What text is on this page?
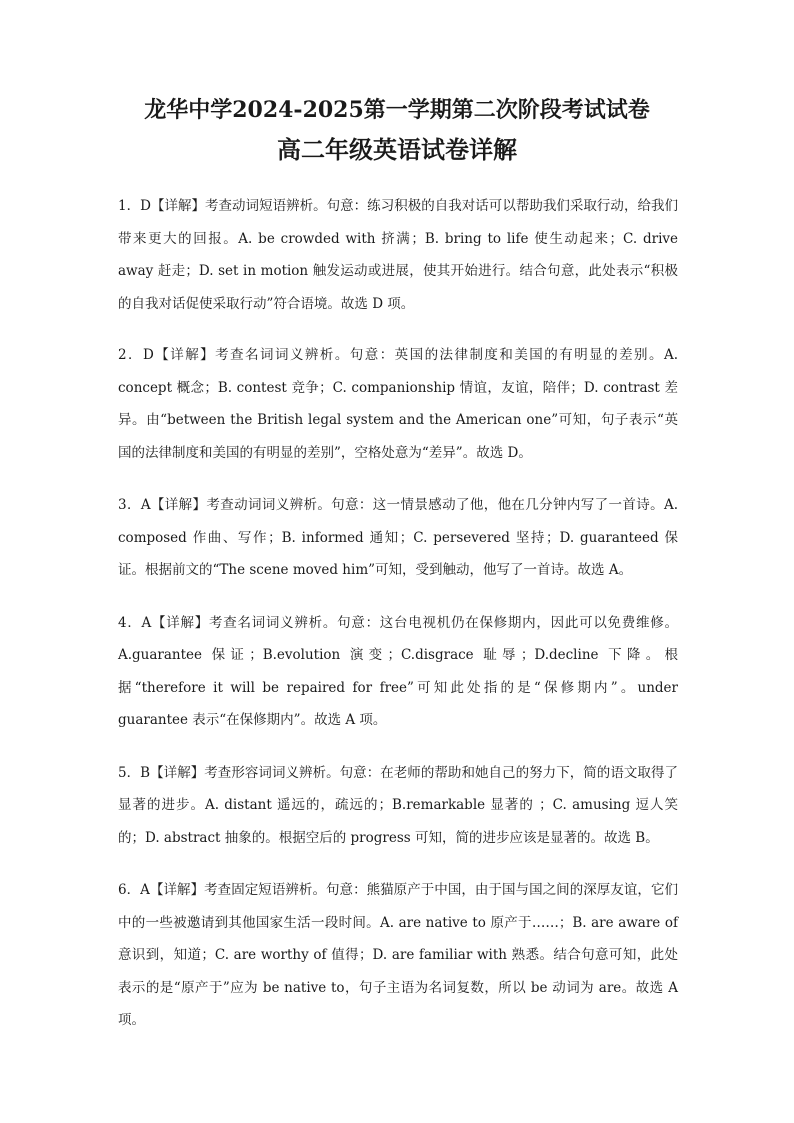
龙华中学2024-2025第一学期第二次阶段考试试卷
高二年级英语试卷详解

1．D【详解】考查动词短语辨析。句意：练习积极的自我对话可以帮助我们采取行动，给我们带来更大的回报。A. be crowded with 挤满；B. bring to life 使生动起来；C. drive away 赶走；D. set in motion 触发运动或进展，使其开始进行。结合句意，此处表示“积极的自我对话促使采取行动”符合语境。故选 D 项。

2．D【详解】考查名词词义辨析。句意：英国的法律制度和美国的有明显的差别。A. concept 概念；B. contest 竞争；C. companionship 情谊，友谊，陪伴；D. contrast 差异。由“between the British legal system and the American one”可知，句子表示“英国的法律制度和美国的有明显的差别”，空格处意为“差异”。故选 D。

3．A【详解】考查动词词义辨析。句意：这一情景感动了他，他在几分钟内写了一首诗。A. composed 作曲、写作；B. informed 通知；C. persevered 坚持；D. guaranteed 保证。根据前文的“The scene moved him”可知，受到触动，他写了一首诗。故选 A。

4．A【详解】考查名词词义辨析。句意：这台电视机仍在保修期内，因此可以免费维修。A.guarantee 保证；B.evolution 演变；C.disgrace 耻辱；D.decline 下降。根据“therefore it will be repaired for free”可知此处指的是“保修期内”。under guarantee 表示“在保修期内”。故选 A 项。

5．B【详解】考查形容词词义辨析。句意：在老师的帮助和她自己的努力下，简的语文取得了显著的进步。A. distant 遥远的，疏远的；B.remarkable 显著的 ；C. amusing 逗人笑的；D. abstract 抽象的。根据空后的 progress 可知，简的进步应该是显著的。故选 B。

6．A【详解】考查固定短语辨析。句意：熊猫原产于中国，由于国与国之间的深厚友谊，它们中的一些被邀请到其他国家生活一段时间。A. are native to 原产于……；B. are aware of 意识到，知道；C. are worthy of 值得；D. are familiar with 熟悉。结合句意可知，此处表示的是“原产于”应为 be native to，句子主语为名词复数，所以 be 动词为 are。故选 A 项。
